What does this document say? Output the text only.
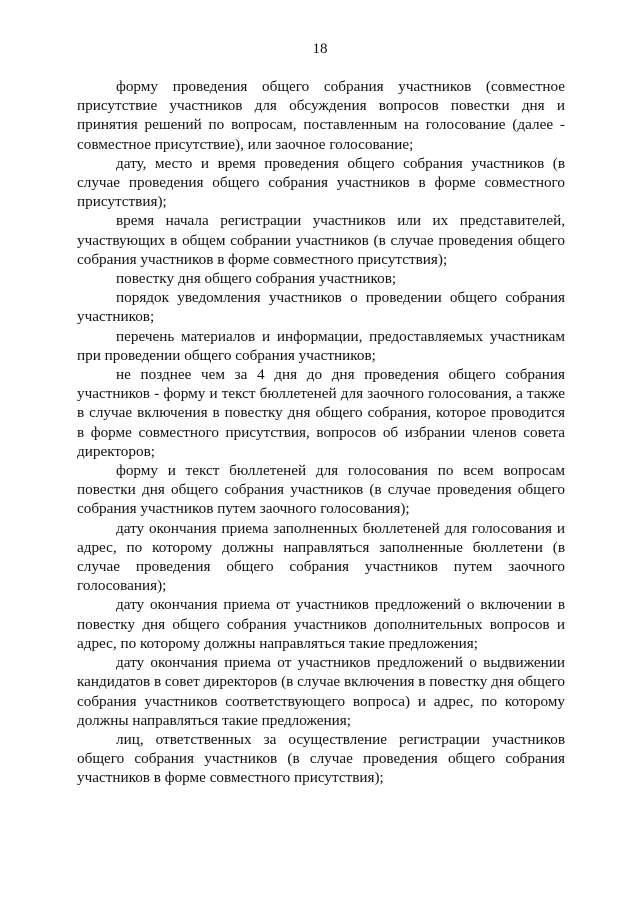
18

форму проведения общего собрания участников (совместное присутствие участников для обсуждения вопросов повестки дня и принятия решений по вопросам, поставленным на голосование (далее - совместное присутствие), или заочное голосование;

дату, место и время проведения общего собрания участников (в случае проведения общего собрания участников в форме совместного присутствия);

время начала регистрации участников или их представителей, участвующих в общем собрании участников (в случае проведения общего собрания участников в форме совместного присутствия);

повестку дня общего собрания участников;

порядок уведомления участников о проведении общего собрания участников;

перечень материалов и информации, предоставляемых участникам при проведении общего собрания участников;

не позднее чем за 4 дня до дня проведения общего собрания участников - форму и текст бюллетеней для заочного голосования, а также в случае включения в повестку дня общего собрания, которое проводится в форме совместного присутствия, вопросов об избрании членов совета директоров;

форму и текст бюллетеней для голосования по всем вопросам повестки дня общего собрания участников (в случае проведения общего собрания участников путем заочного голосования);

дату окончания приема заполненных бюллетеней для голосования и адрес, по которому должны направляться заполненные бюллетени (в случае проведения общего собрания участников путем заочного голосования);

дату окончания приема от участников предложений о включении в повестку дня общего собрания участников дополнительных вопросов и адрес, по которому должны направляться такие предложения;

дату окончания приема от участников предложений о выдвижении кандидатов в совет директоров (в случае включения в повестку дня общего собрания участников соответствующего вопроса) и адрес, по которому должны направляться такие предложения;

лиц, ответственных за осуществление регистрации участников общего собрания участников (в случае проведения общего собрания участников в форме совместного присутствия);
